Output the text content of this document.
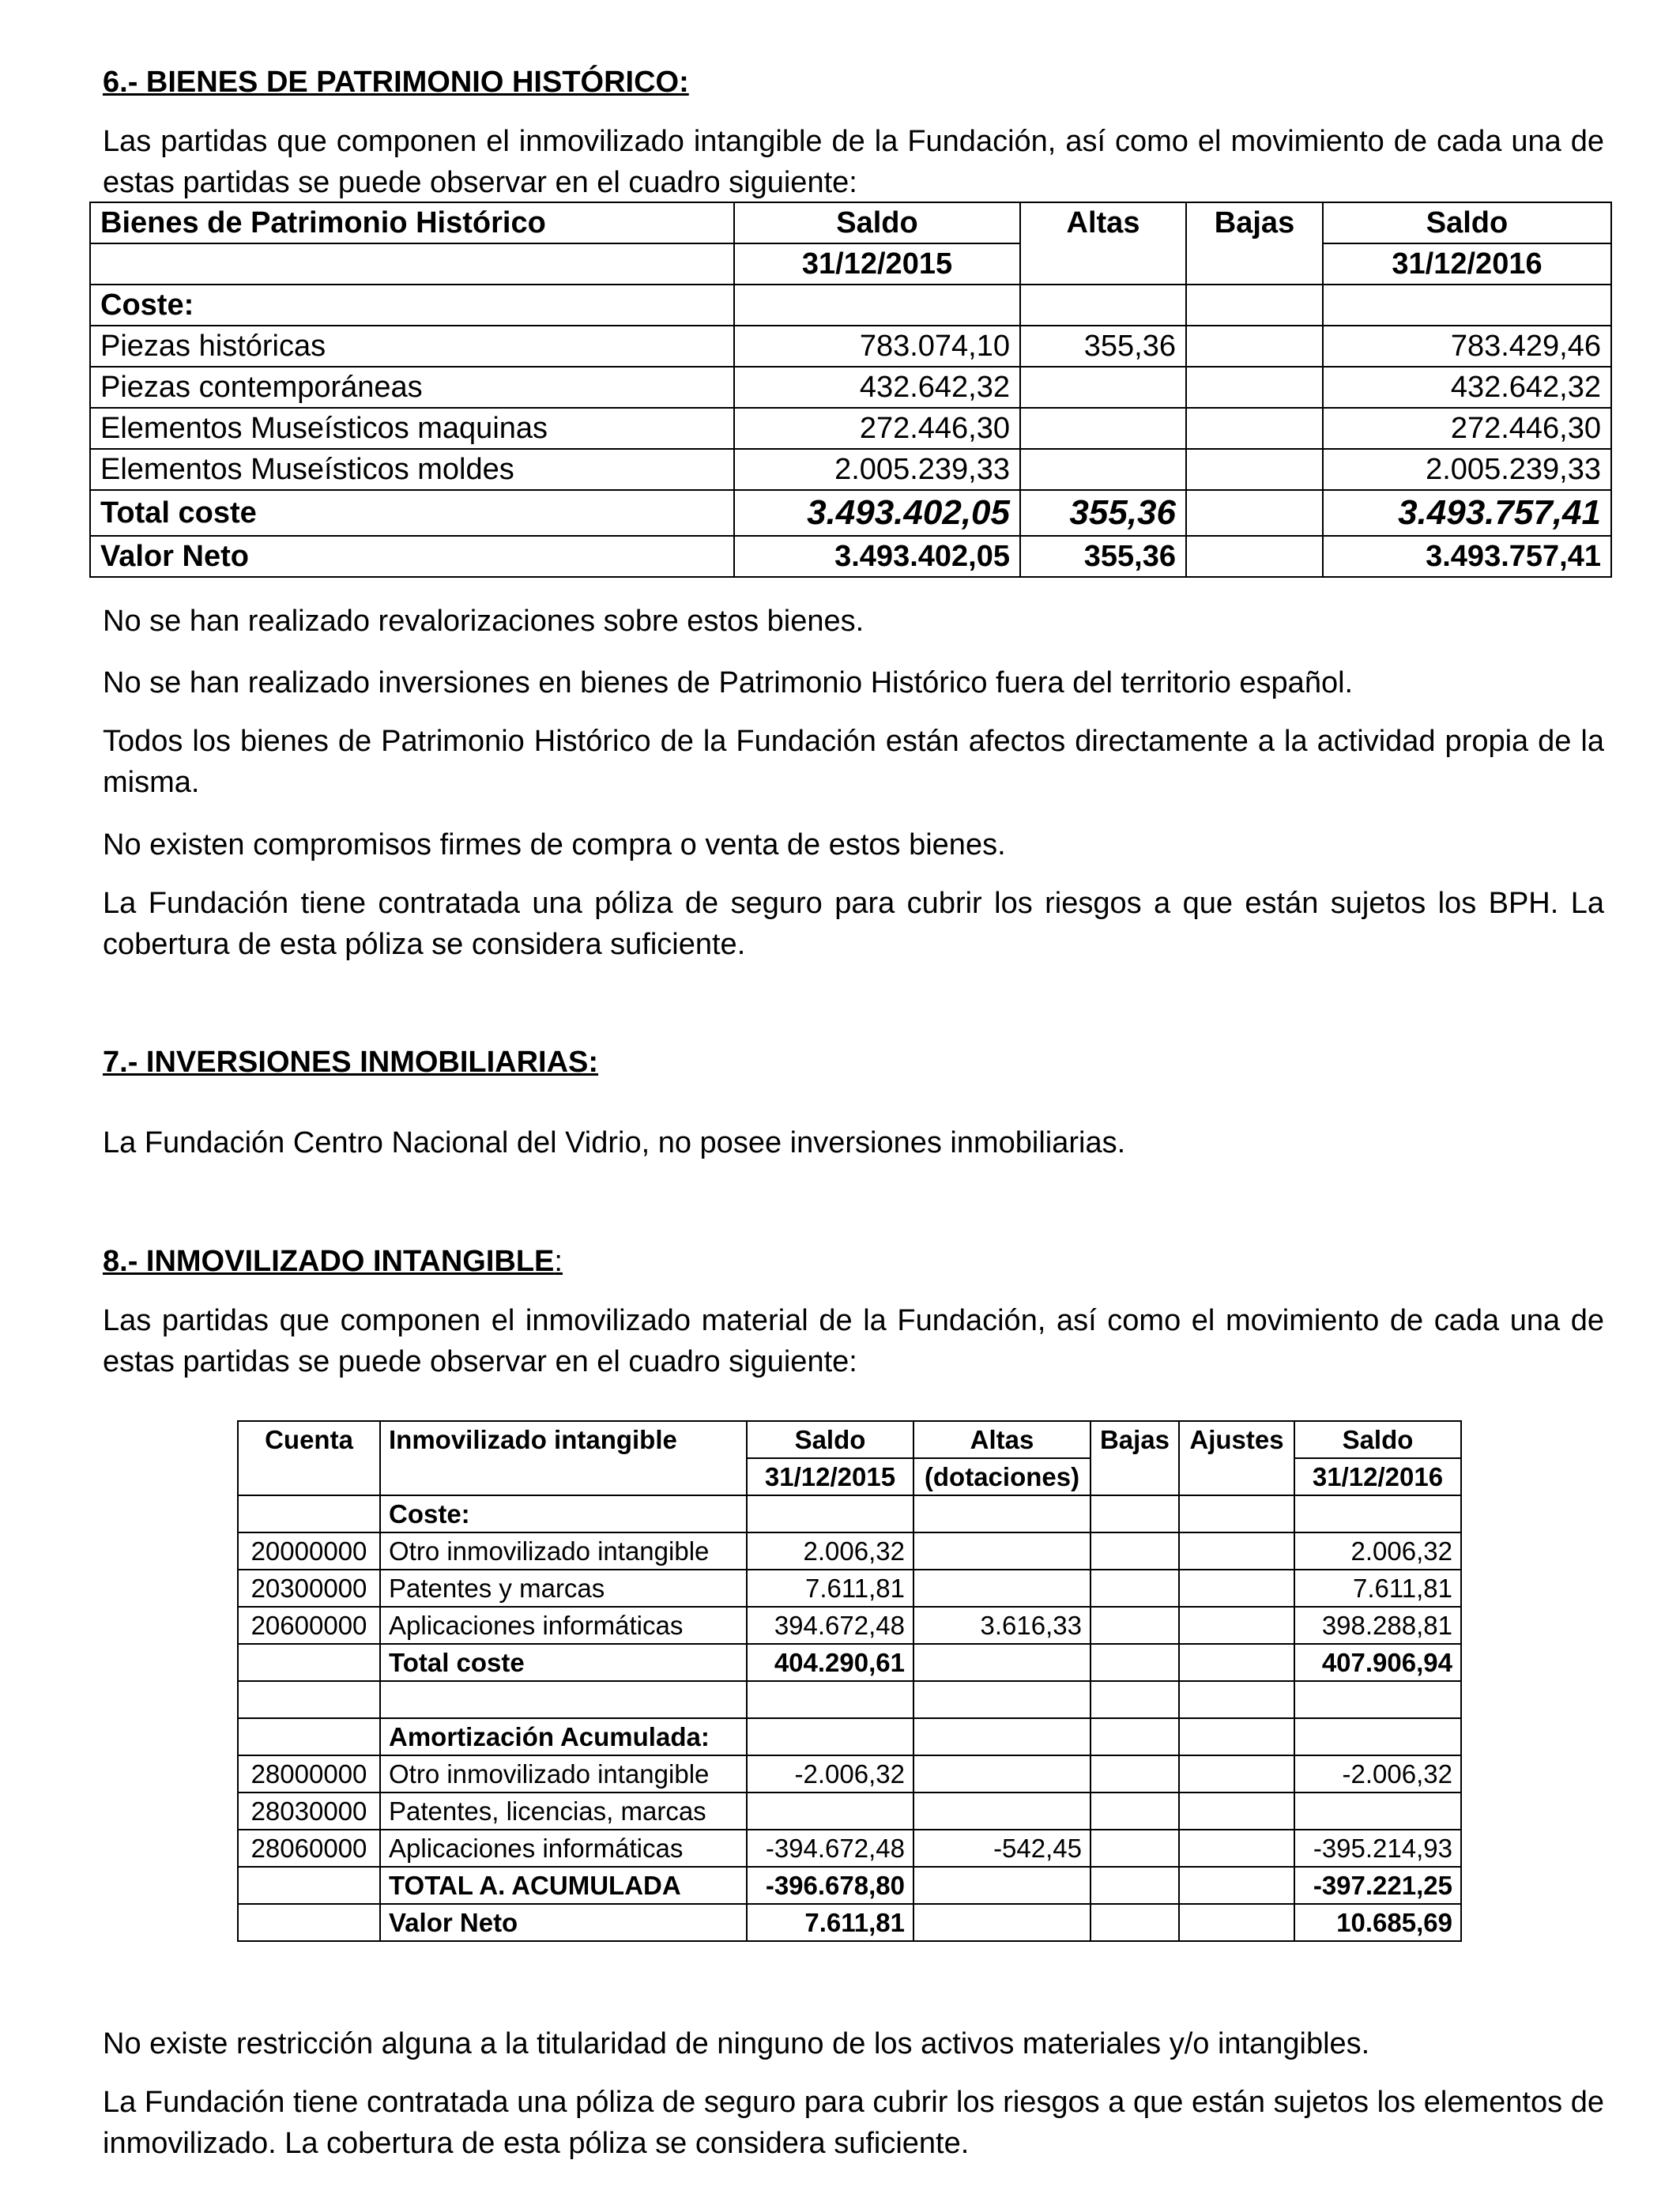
6.- BIENES DE PATRIMONIO HISTÓRICO:

Las partidas que componen el inmovilizado intangible de la Fundación, así como el movimiento de cada una de estas partidas se puede observar en el cuadro siguiente:
Bienes de Patrimonio Histórico	Saldo	Altas	Bajas	Saldo
	31/12/2015			31/12/2016
Coste:				
Piezas históricas	783.074,10	355,36		783.429,46
Piezas contemporáneas	432.642,32			432.642,32
Elementos Museísticos maquinas	272.446,30			272.446,30
Elementos Museísticos moldes	2.005.239,33			2.005.239,33
Total coste	3.493.402,05	355,36		3.493.757,41
Valor Neto	3.493.402,05	355,36		3.493.757,41
No se han realizado revalorizaciones sobre estos bienes.
No se han realizado inversiones en bienes de Patrimonio Histórico fuera del territorio español.
Todos los bienes de Patrimonio Histórico de la Fundación están afectos directamente a la actividad propia de la misma.
No existen compromisos firmes de compra o venta de estos bienes.
La Fundación tiene contratada una póliza de seguro para cubrir los riesgos a que están sujetos los BPH. La cobertura de esta póliza se considera suficiente.

7.- INVERSIONES INMOBILIARIAS:

La Fundación Centro Nacional del Vidrio, no posee inversiones inmobiliarias.

8.- INMOVILIZADO INTANGIBLE:

Las partidas que componen el inmovilizado material de la Fundación, así como el movimiento de cada una de estas partidas se puede observar en el cuadro siguiente:
Cuenta	Inmovilizado intangible	Saldo	Altas	Bajas	Ajustes	Saldo
		31/12/2015	(dotaciones)			31/12/2016
	Coste:					
20000000	Otro inmovilizado intangible	2.006,32				2.006,32
20300000	Patentes y marcas	7.611,81				7.611,81
20600000	Aplicaciones informáticas	394.672,48	3.616,33			398.288,81
	Total coste	404.290,61				407.906,94

	Amortización Acumulada:					
28000000	Otro inmovilizado intangible	-2.006,32				-2.006,32
28030000	Patentes, licencias, marcas					
28060000	Aplicaciones informáticas	-394.672,48	-542,45			-395.214,93
	TOTAL A. ACUMULADA	-396.678,80				-397.221,25
	Valor Neto	7.611,81				10.685,69
No existe restricción alguna a la titularidad de ninguno de los activos materiales y/o intangibles.
La Fundación tiene contratada una póliza de seguro para cubrir los riesgos a que están sujetos los elementos de inmovilizado. La cobertura de esta póliza se considera suficiente.
